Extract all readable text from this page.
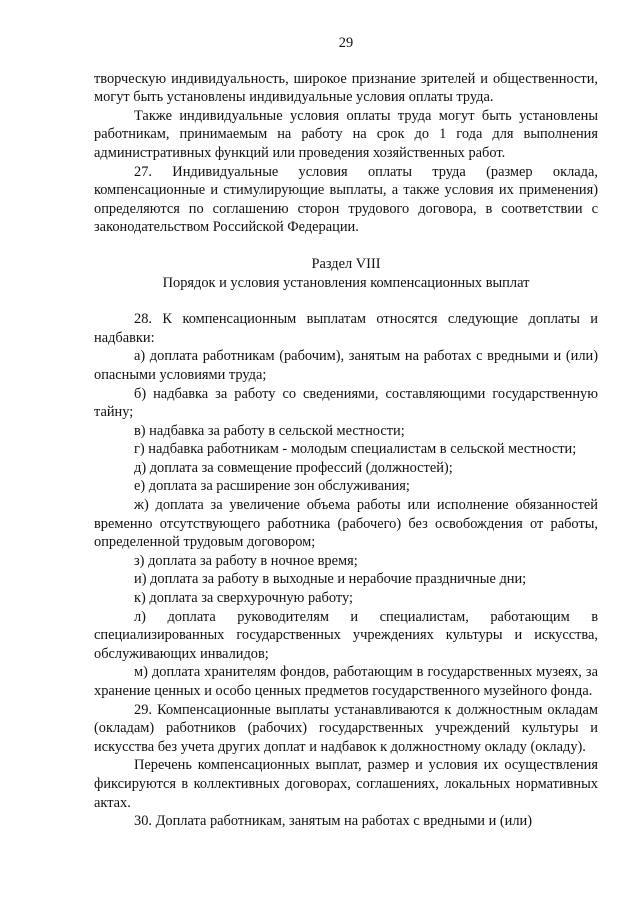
29

творческую индивидуальность, широкое признание зрителей и общественности, могут быть установлены индивидуальные условия оплаты труда.

Также индивидуальные условия оплаты труда могут быть установлены работникам, принимаемым на работу на срок до 1 года для выполнения административных функций или проведения хозяйственных работ.

27. Индивидуальные условия оплаты труда (размер оклада, компенсационные и стимулирующие выплаты, а также условия их применения) определяются по соглашению сторон трудового договора, в соответствии с законодательством Российской Федерации.

Раздел VIII

Порядок и условия установления компенсационных выплат

28. К компенсационным выплатам относятся следующие доплаты и надбавки:

а) доплата работникам (рабочим), занятым на работах с вредными и (или) опасными условиями труда;

б) надбавка за работу со сведениями, составляющими государственную тайну;

в) надбавка за работу в сельской местности;

г) надбавка работникам - молодым специалистам в сельской местности;

д) доплата за совмещение профессий (должностей);

е) доплата за расширение зон обслуживания;

ж) доплата за увеличение объема работы или исполнение обязанностей временно отсутствующего работника (рабочего) без освобождения от работы, определенной трудовым договором;

з) доплата за работу в ночное время;

и) доплата за работу в выходные и нерабочие праздничные дни;

к) доплата за сверхурочную работу;

л) доплата руководителям и специалистам, работающим в специализированных государственных учреждениях культуры и искусства, обслуживающих инвалидов;

м) доплата хранителям фондов, работающим в государственных музеях, за хранение ценных и особо ценных предметов государственного музейного фонда.

29. Компенсационные выплаты устанавливаются к должностным окладам (окладам) работников (рабочих) государственных учреждений культуры и искусства без учета других доплат и надбавок к должностному окладу (окладу).

Перечень компенсационных выплат, размер и условия их осуществления фиксируются в коллективных договорах, соглашениях, локальных нормативных актах.

30. Доплата работникам, занятым на работах с вредными и (или)
